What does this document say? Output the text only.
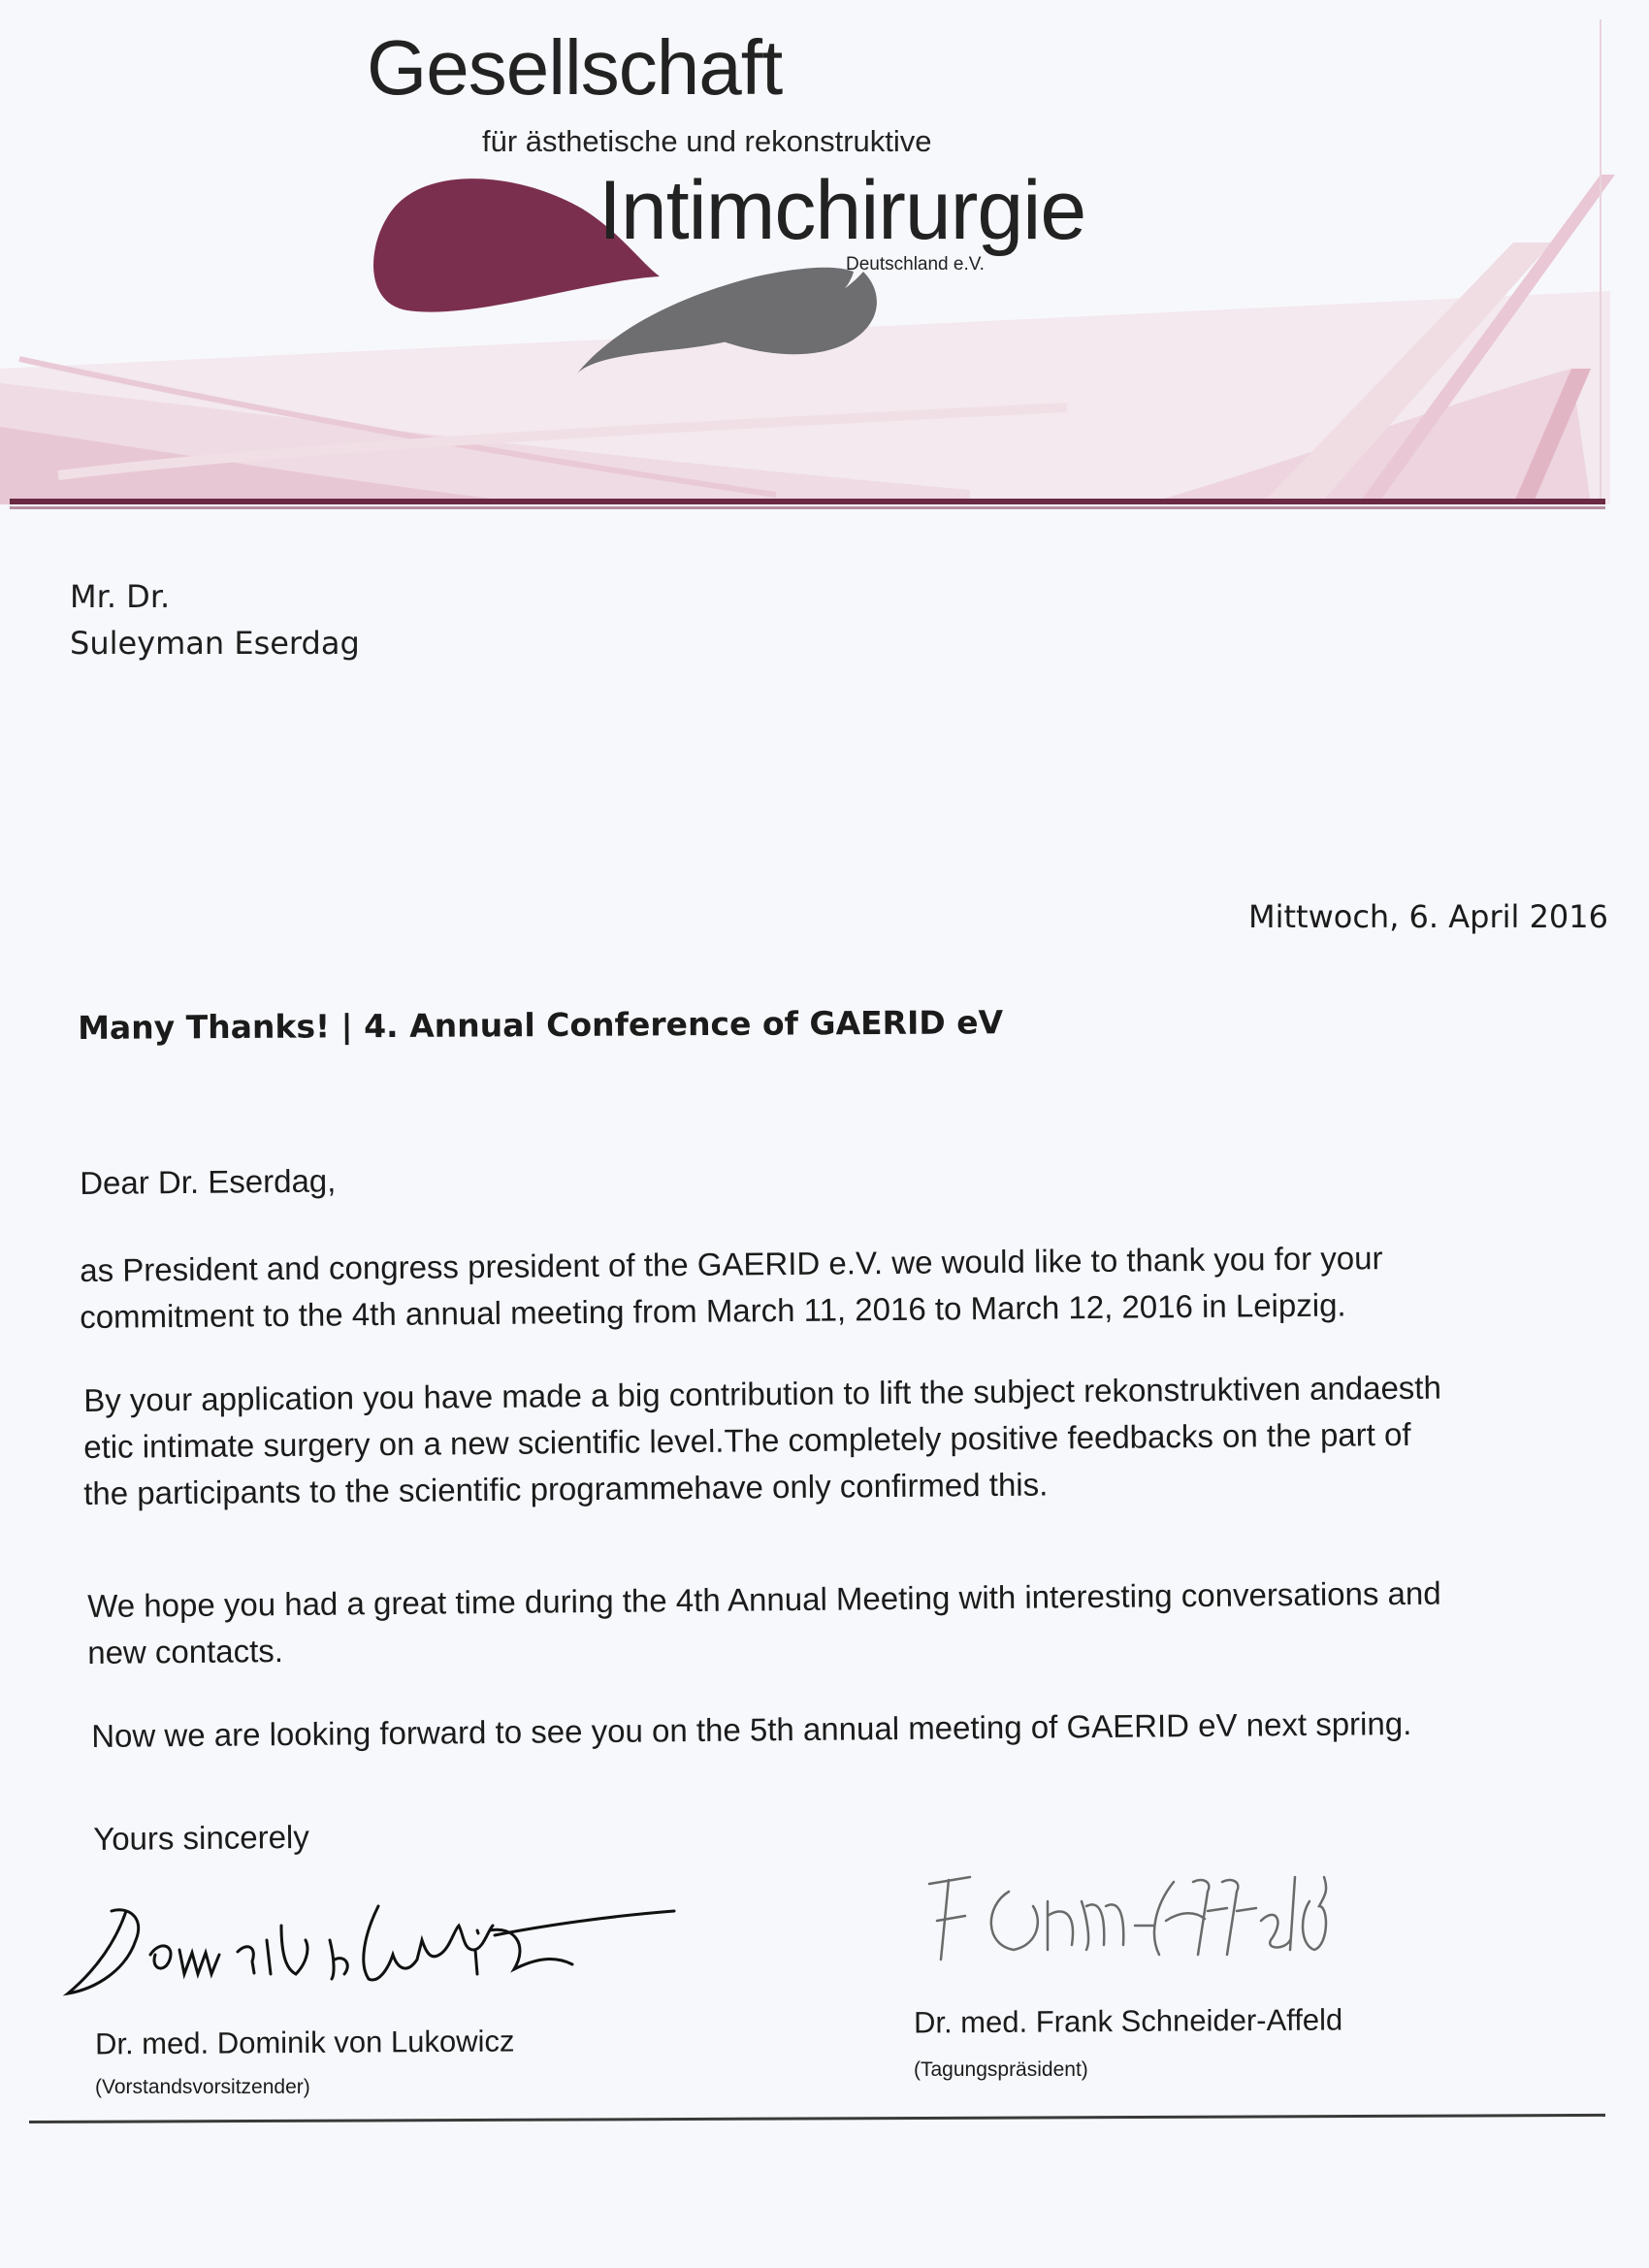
Gesellschaft
für ästhetische und rekonstruktive
Intimchirurgie
Deutschland e.V.
Mr. Dr.
Suleyman Eserdag
Mittwoch, 6. April 2016
Many Thanks! | 4. Annual Conference of GAERID eV
Dear Dr. Eserdag,
as President and congress president of the GAERID e.V. we would like to thank you for your
commitment to the 4th annual meeting from March 11, 2016 to March 12, 2016 in Leipzig.
By your application you have made a big contribution to lift the subject rekonstruktiven andaesth
etic intimate surgery on a new scientific level.The completely positive feedbacks on the part of
the participants to the scientific programmehave only confirmed this.
We hope you had a great time during the 4th Annual Meeting with interesting conversations and
new contacts.
Now we are looking forward to see you on the 5th annual meeting of GAERID eV next spring.
Yours sincerely
Dr. med. Dominik von Lukowicz
(Vorstandsvorsitzender)
Dr. med. Frank Schneider-Affeld
(Tagungspräsident)
